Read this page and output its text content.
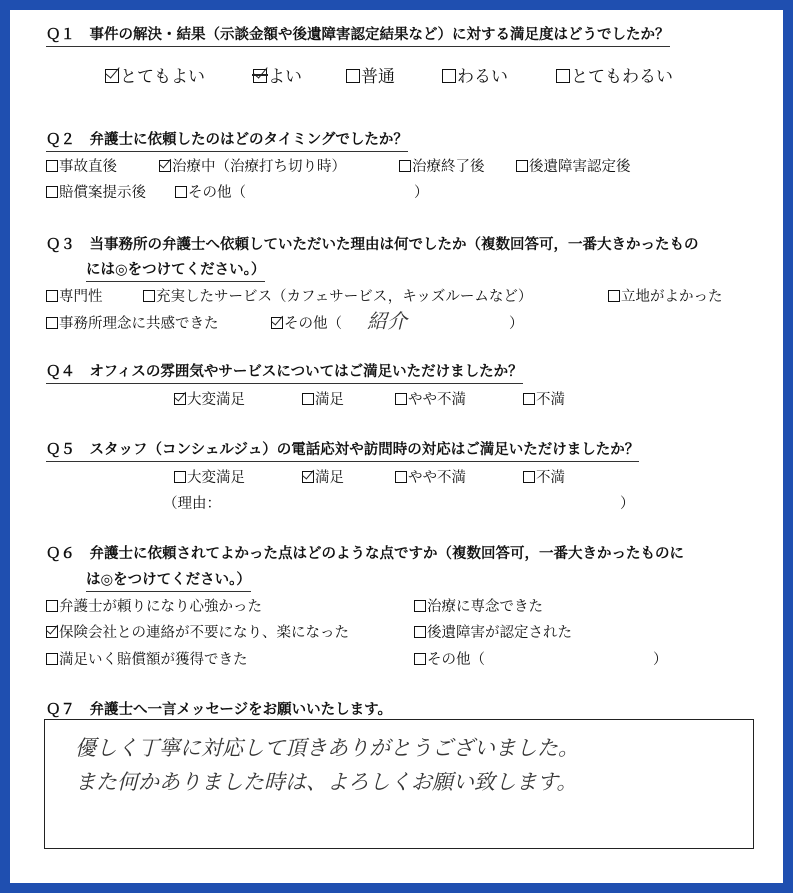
Ｑ１　事件の解決・結果（示談金額や後遺障害認定結果など）に対する満足度はどうでしたか？
とてもよい	よい	普通	わるい	とてもわるい
Ｑ２　弁護士に依頼したのはどのタイミングでしたか？
事故直後	治療中（治療打ち切り時）	治療終了後	後遺障害認定後
賠償案提示後	その他（	）
Ｑ３　当事務所の弁護士へ依頼していただいた理由は何でしたか（複数回答可，一番大きかったもの
には◎をつけてください。）
専門性	充実したサービス（カフェサービス，キッズルームなど）	立地がよかった
事務所理念に共感できた	その他（ 紹介	）
Ｑ４　オフィスの雰囲気やサービスについてはご満足いただけましたか？
大変満足	満足	やや不満	不満
Ｑ５　スタッフ（コンシェルジュ）の電話応対や訪問時の対応はご満足いただけましたか？
大変満足	満足	やや不満	不満
（理由：	）
Ｑ６　弁護士に依頼されてよかった点はどのような点ですか（複数回答可，一番大きかったものに
は◎をつけてください。）
弁護士が頼りになり心強かった	治療に専念できた
保険会社との連絡が不要になり、楽になった	後遺障害が認定された
満足いく賠償額が獲得できた	その他（	）
Ｑ７　弁護士へ一言メッセージをお願いいたします。
優しく丁寧に対応して頂きありがとうございました。
また何かありました時は、よろしくお願い致します。
